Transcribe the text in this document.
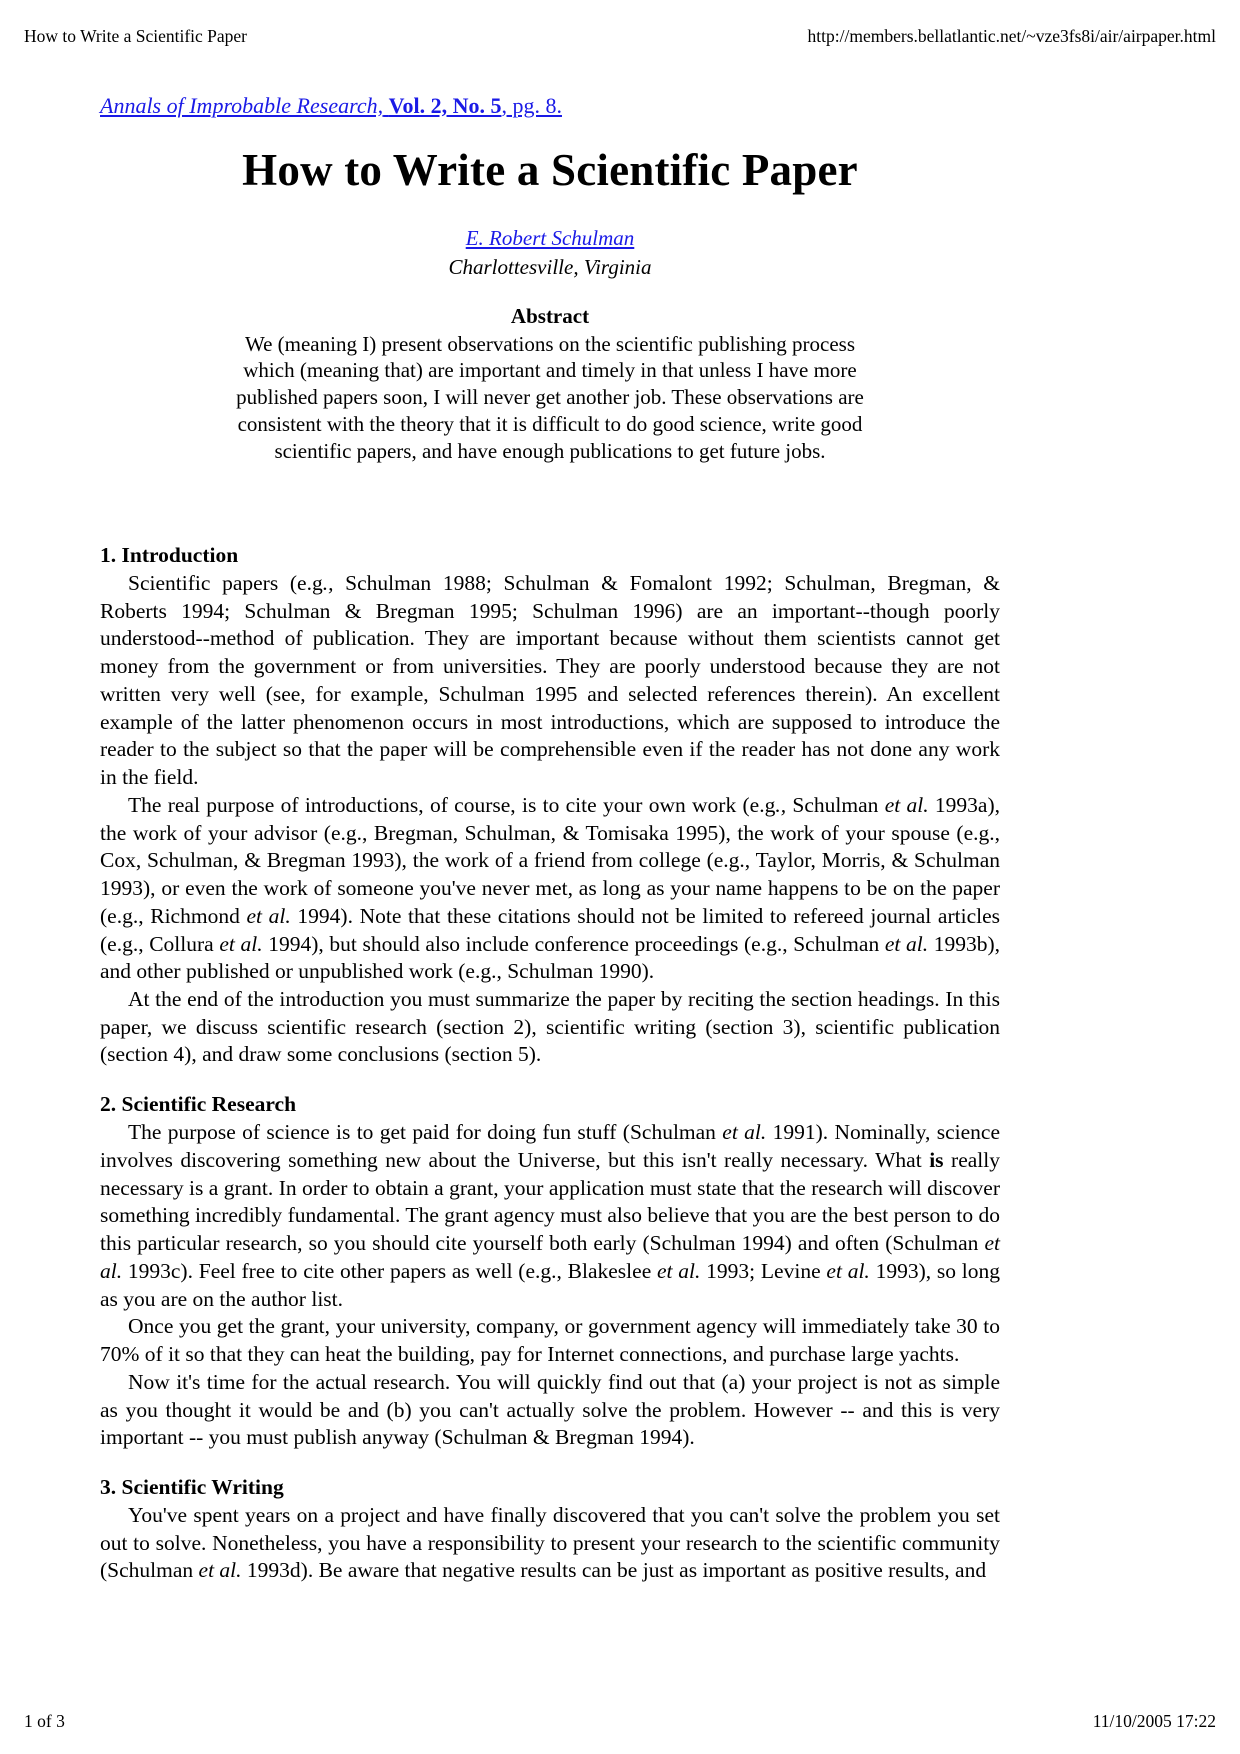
How to Write a Scientific Paper	http://members.bellatlantic.net/~vze3fs8i/air/airpaper.html

Annals of Improbable Research, Vol. 2, No. 5, pg. 8.

How to Write a Scientific Paper

E. Robert Schulman

Charlottesville, Virginia

Abstract

We (meaning I) present observations on the scientific publishing process which (meaning that) are important and timely in that unless I have more published papers soon, I will never get another job. These observations are consistent with the theory that it is difficult to do good science, write good scientific papers, and have enough publications to get future jobs.

1. Introduction

Scientific papers (e.g., Schulman 1988; Schulman & Fomalont 1992; Schulman, Bregman, & Roberts 1994; Schulman & Bregman 1995; Schulman 1996) are an important--though poorly understood--method of publication. They are important because without them scientists cannot get money from the government or from universities. They are poorly understood because they are not written very well (see, for example, Schulman 1995 and selected references therein). An excellent example of the latter phenomenon occurs in most introductions, which are supposed to introduce the reader to the subject so that the paper will be comprehensible even if the reader has not done any work in the field.

The real purpose of introductions, of course, is to cite your own work (e.g., Schulman et al. 1993a), the work of your advisor (e.g., Bregman, Schulman, & Tomisaka 1995), the work of your spouse (e.g., Cox, Schulman, & Bregman 1993), the work of a friend from college (e.g., Taylor, Morris, & Schulman 1993), or even the work of someone you've never met, as long as your name happens to be on the paper (e.g., Richmond et al. 1994). Note that these citations should not be limited to refereed journal articles (e.g., Collura et al. 1994), but should also include conference proceedings (e.g., Schulman et al. 1993b), and other published or unpublished work (e.g., Schulman 1990).

At the end of the introduction you must summarize the paper by reciting the section headings. In this paper, we discuss scientific research (section 2), scientific writing (section 3), scientific publication (section 4), and draw some conclusions (section 5).

2. Scientific Research

The purpose of science is to get paid for doing fun stuff (Schulman et al. 1991). Nominally, science involves discovering something new about the Universe, but this isn't really necessary. What is really necessary is a grant. In order to obtain a grant, your application must state that the research will discover something incredibly fundamental. The grant agency must also believe that you are the best person to do this particular research, so you should cite yourself both early (Schulman 1994) and often (Schulman et al. 1993c). Feel free to cite other papers as well (e.g., Blakeslee et al. 1993; Levine et al. 1993), so long as you are on the author list.

Once you get the grant, your university, company, or government agency will immediately take 30 to 70% of it so that they can heat the building, pay for Internet connections, and purchase large yachts.

Now it's time for the actual research. You will quickly find out that (a) your project is not as simple as you thought it would be and (b) you can't actually solve the problem. However -- and this is very important -- you must publish anyway (Schulman & Bregman 1994).

3. Scientific Writing

You've spent years on a project and have finally discovered that you can't solve the problem you set out to solve. Nonetheless, you have a responsibility to present your research to the scientific community (Schulman et al. 1993d). Be aware that negative results can be just as important as positive results, and

1 of 3	11/10/2005 17:22
